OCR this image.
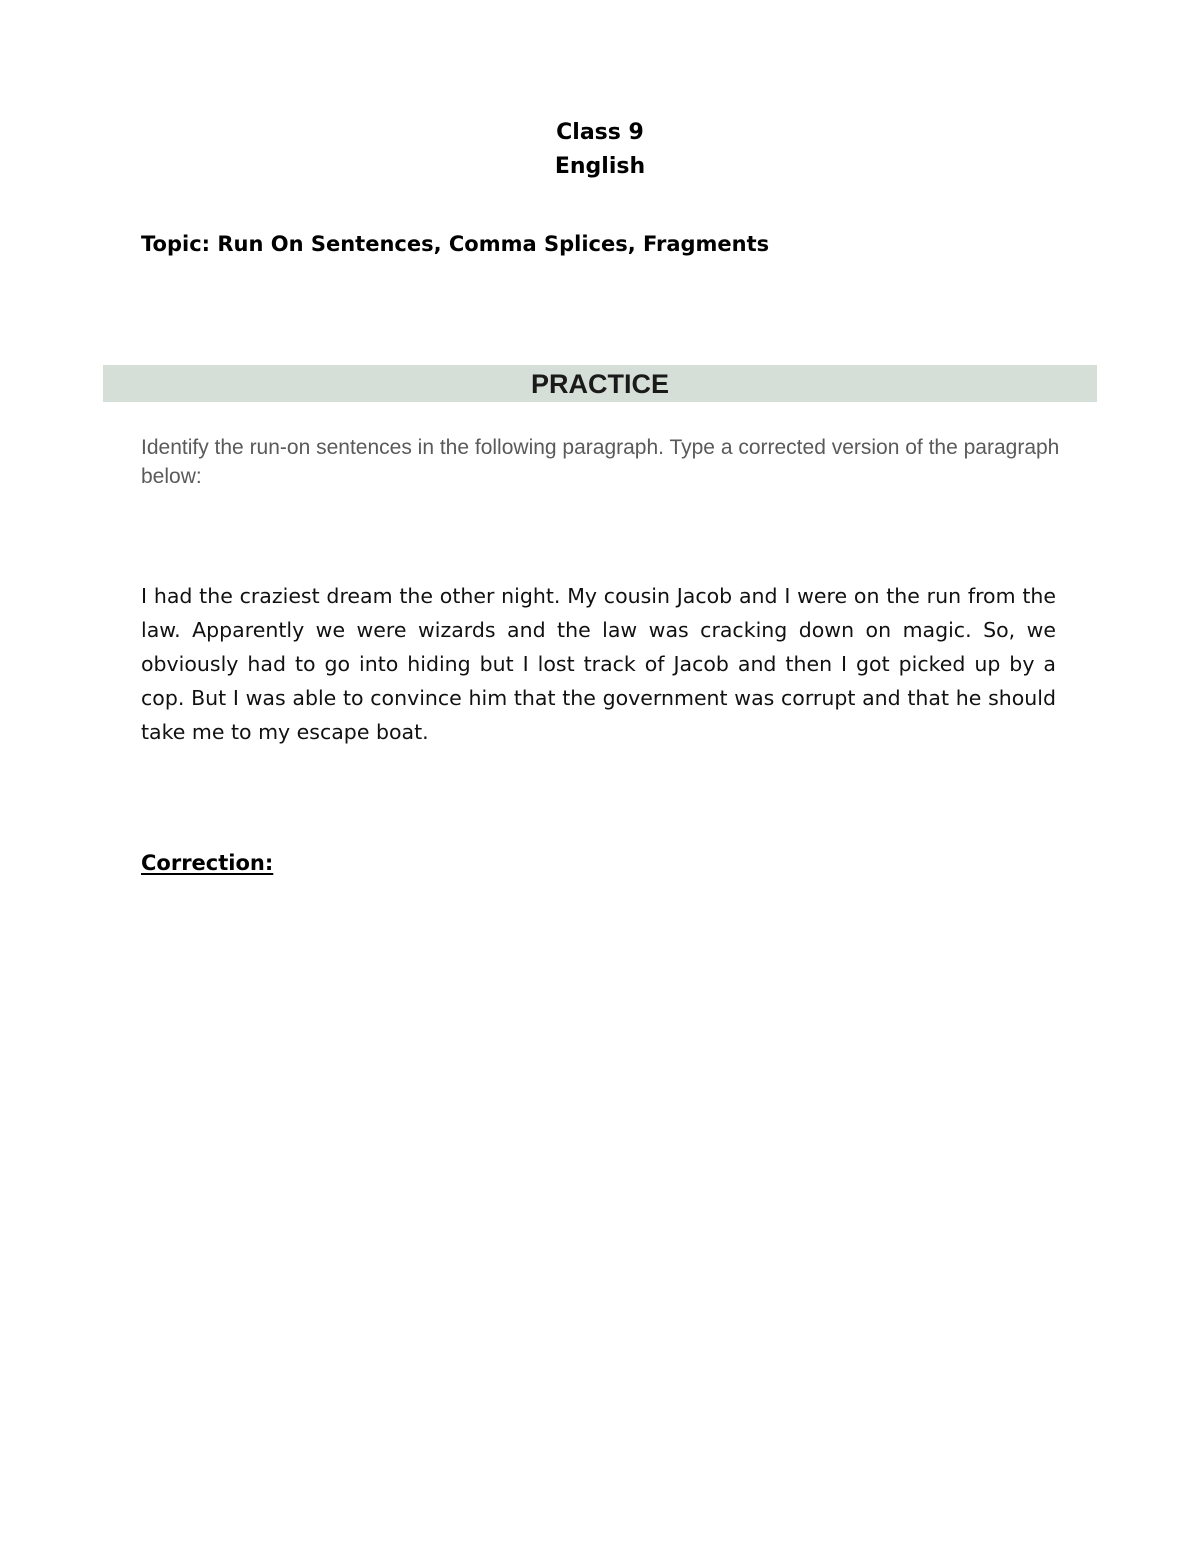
Class 9
English
Topic: Run On Sentences, Comma Splices, Fragments
PRACTICE
Identify the run-on sentences in the following paragraph. Type a corrected version of the paragraph below:
I had the craziest dream the other night. My cousin Jacob and I were on the run from the law. Apparently we were wizards and the law was cracking down on magic. So, we obviously had to go into hiding but I lost track of Jacob and then I got picked up by a cop. But I was able to convince him that the government was corrupt and that he should take me to my escape boat.
Correction:
